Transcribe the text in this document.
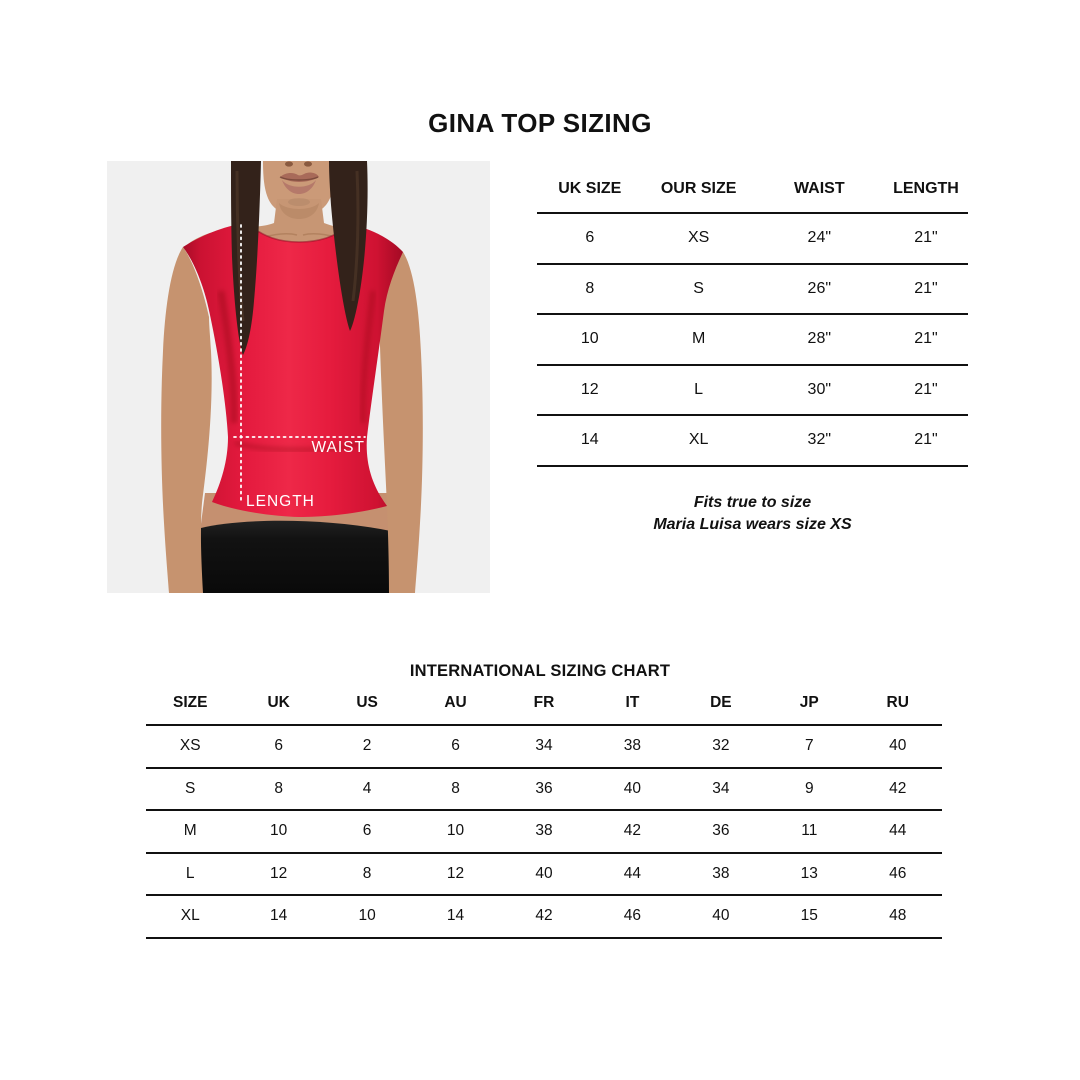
GINA TOP SIZING
WAIST
LENGTH
UK SIZE	OUR SIZE	WAIST	LENGTH
6	XS	24"	21"
8	S	26"	21"
10	M	28"	21"
12	L	30"	21"
14	XL	32"	21"
Fits true to size
Maria Luisa wears size XS
INTERNATIONAL SIZING CHART
SIZE	UK	US	AU	FR	IT	DE	JP	RU
XS	6	2	6	34	38	32	7	40
S	8	4	8	36	40	34	9	42
M	10	6	10	38	42	36	11	44
L	12	8	12	40	44	38	13	46
XL	14	10	14	42	46	40	15	48
